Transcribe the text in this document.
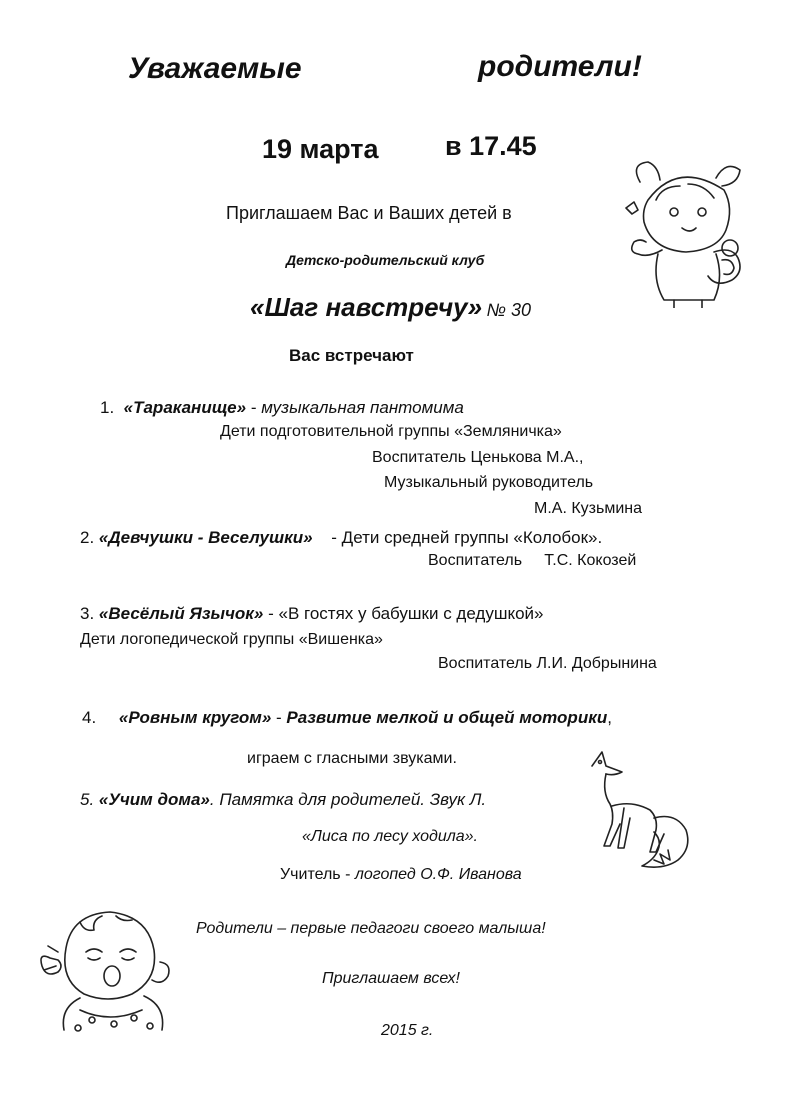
Уважаемые	родители!
19 марта в 17.45
Приглашаем Вас и Ваших детей в
Детско-родительский клуб
«Шаг навстречу» № 30
Вас встречают
1. «Тараканище» - музыкальная пантомима
Дети подготовительной группы «Земляничка»
Воспитатель Ценькова М.А.,
Музыкальный руководитель
М.А. Кузьмина
2. «Девчушки - Веселушки» - Дети средней группы «Колобок».
Воспитатель     Т.С. Кокозей
3. «Весёлый Язычок» - «В гостях у бабушки с дедушкой»
Дети логопедической группы «Вишенка»
Воспитатель Л.И. Добрынина
4. «Ровным кругом» - Развитие мелкой и общей моторики,
играем с гласными звуками.
5. «Учим дома». Памятка для родителей. Звук Л.
«Лиса по лесу ходила».
Учитель - логопед О.Ф. Иванова
Родители – первые педагоги своего малыша!
Приглашаем всех!
2015 г.
